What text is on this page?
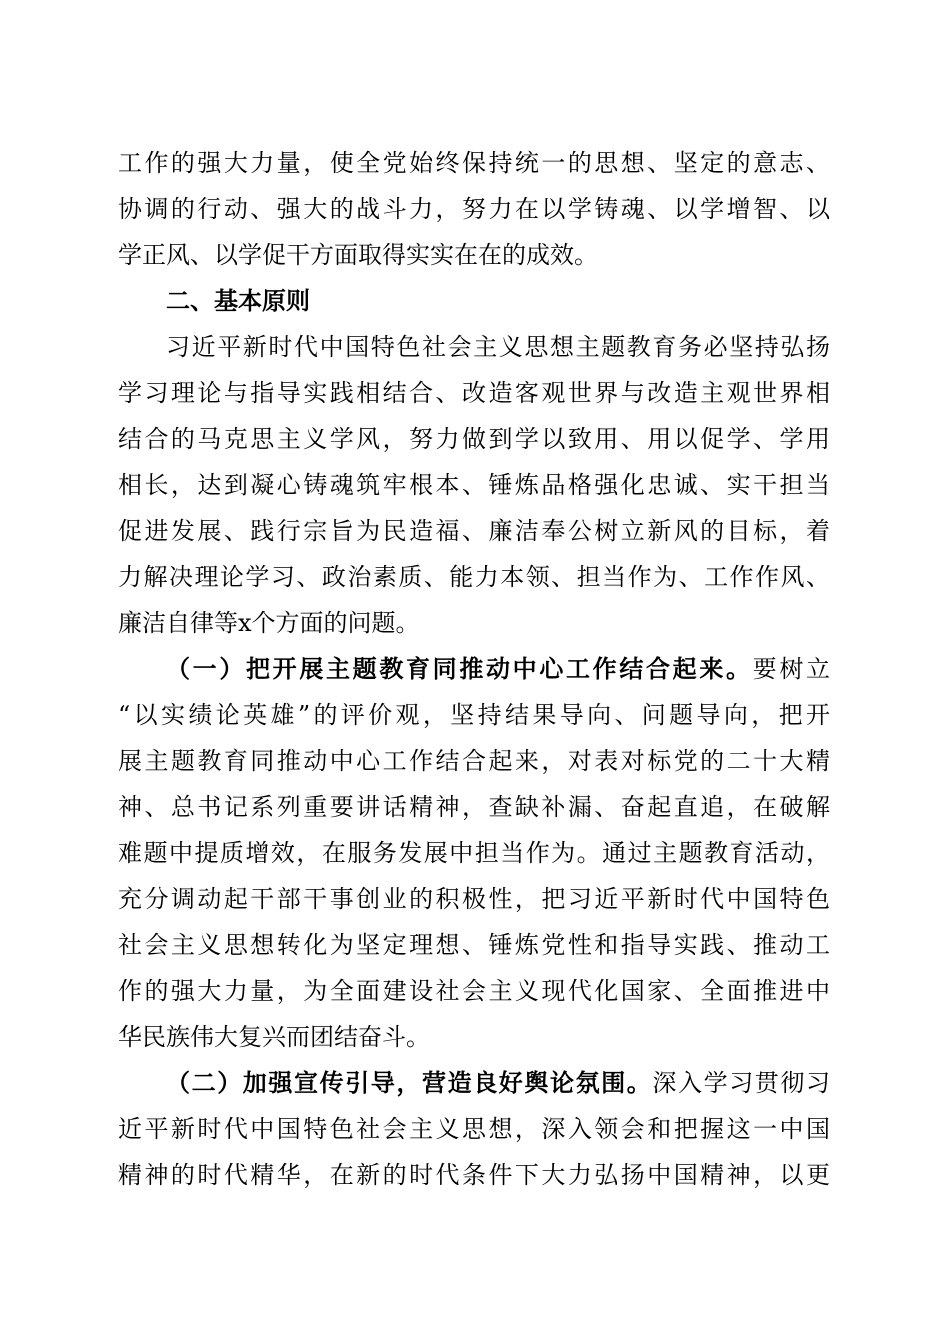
工作的强大力量，使全党始终保持统一的思想、坚定的意志、

协调的行动、强大的战斗力，努力在以学铸魂、以学增智、以

学正风、以学促干方面取得实实在在的成效。

二、基本原则

习近平新时代中国特色社会主义思想主题教育务必坚持弘扬

学习理论与指导实践相结合、改造客观世界与改造主观世界相

结合的马克思主义学风，努力做到学以致用、用以促学、学用

相长，达到凝心铸魂筑牢根本、锤炼品格强化忠诚、实干担当

促进发展、践行宗旨为民造福、廉洁奉公树立新风的目标，着

力解决理论学习、政治素质、能力本领、担当作为、工作作风、

廉洁自律等x个方面的问题。

（一）把开展主题教育同推动中心工作结合起来。要树立

“以实绩论英雄”的评价观，坚持结果导向、问题导向，把开

展主题教育同推动中心工作结合起来，对表对标党的二十大精

神、总书记系列重要讲话精神，查缺补漏、奋起直追，在破解

难题中提质增效，在服务发展中担当作为。通过主题教育活动，

充分调动起干部干事创业的积极性，把习近平新时代中国特色

社会主义思想转化为坚定理想、锤炼党性和指导实践、推动工

作的强大力量，为全面建设社会主义现代化国家、全面推进中

华民族伟大复兴而团结奋斗。

（二）加强宣传引导，营造良好舆论氛围。深入学习贯彻习

近平新时代中国特色社会主义思想，深入领会和把握这一中国

精神的时代精华，在新的时代条件下大力弘扬中国精神，以更
